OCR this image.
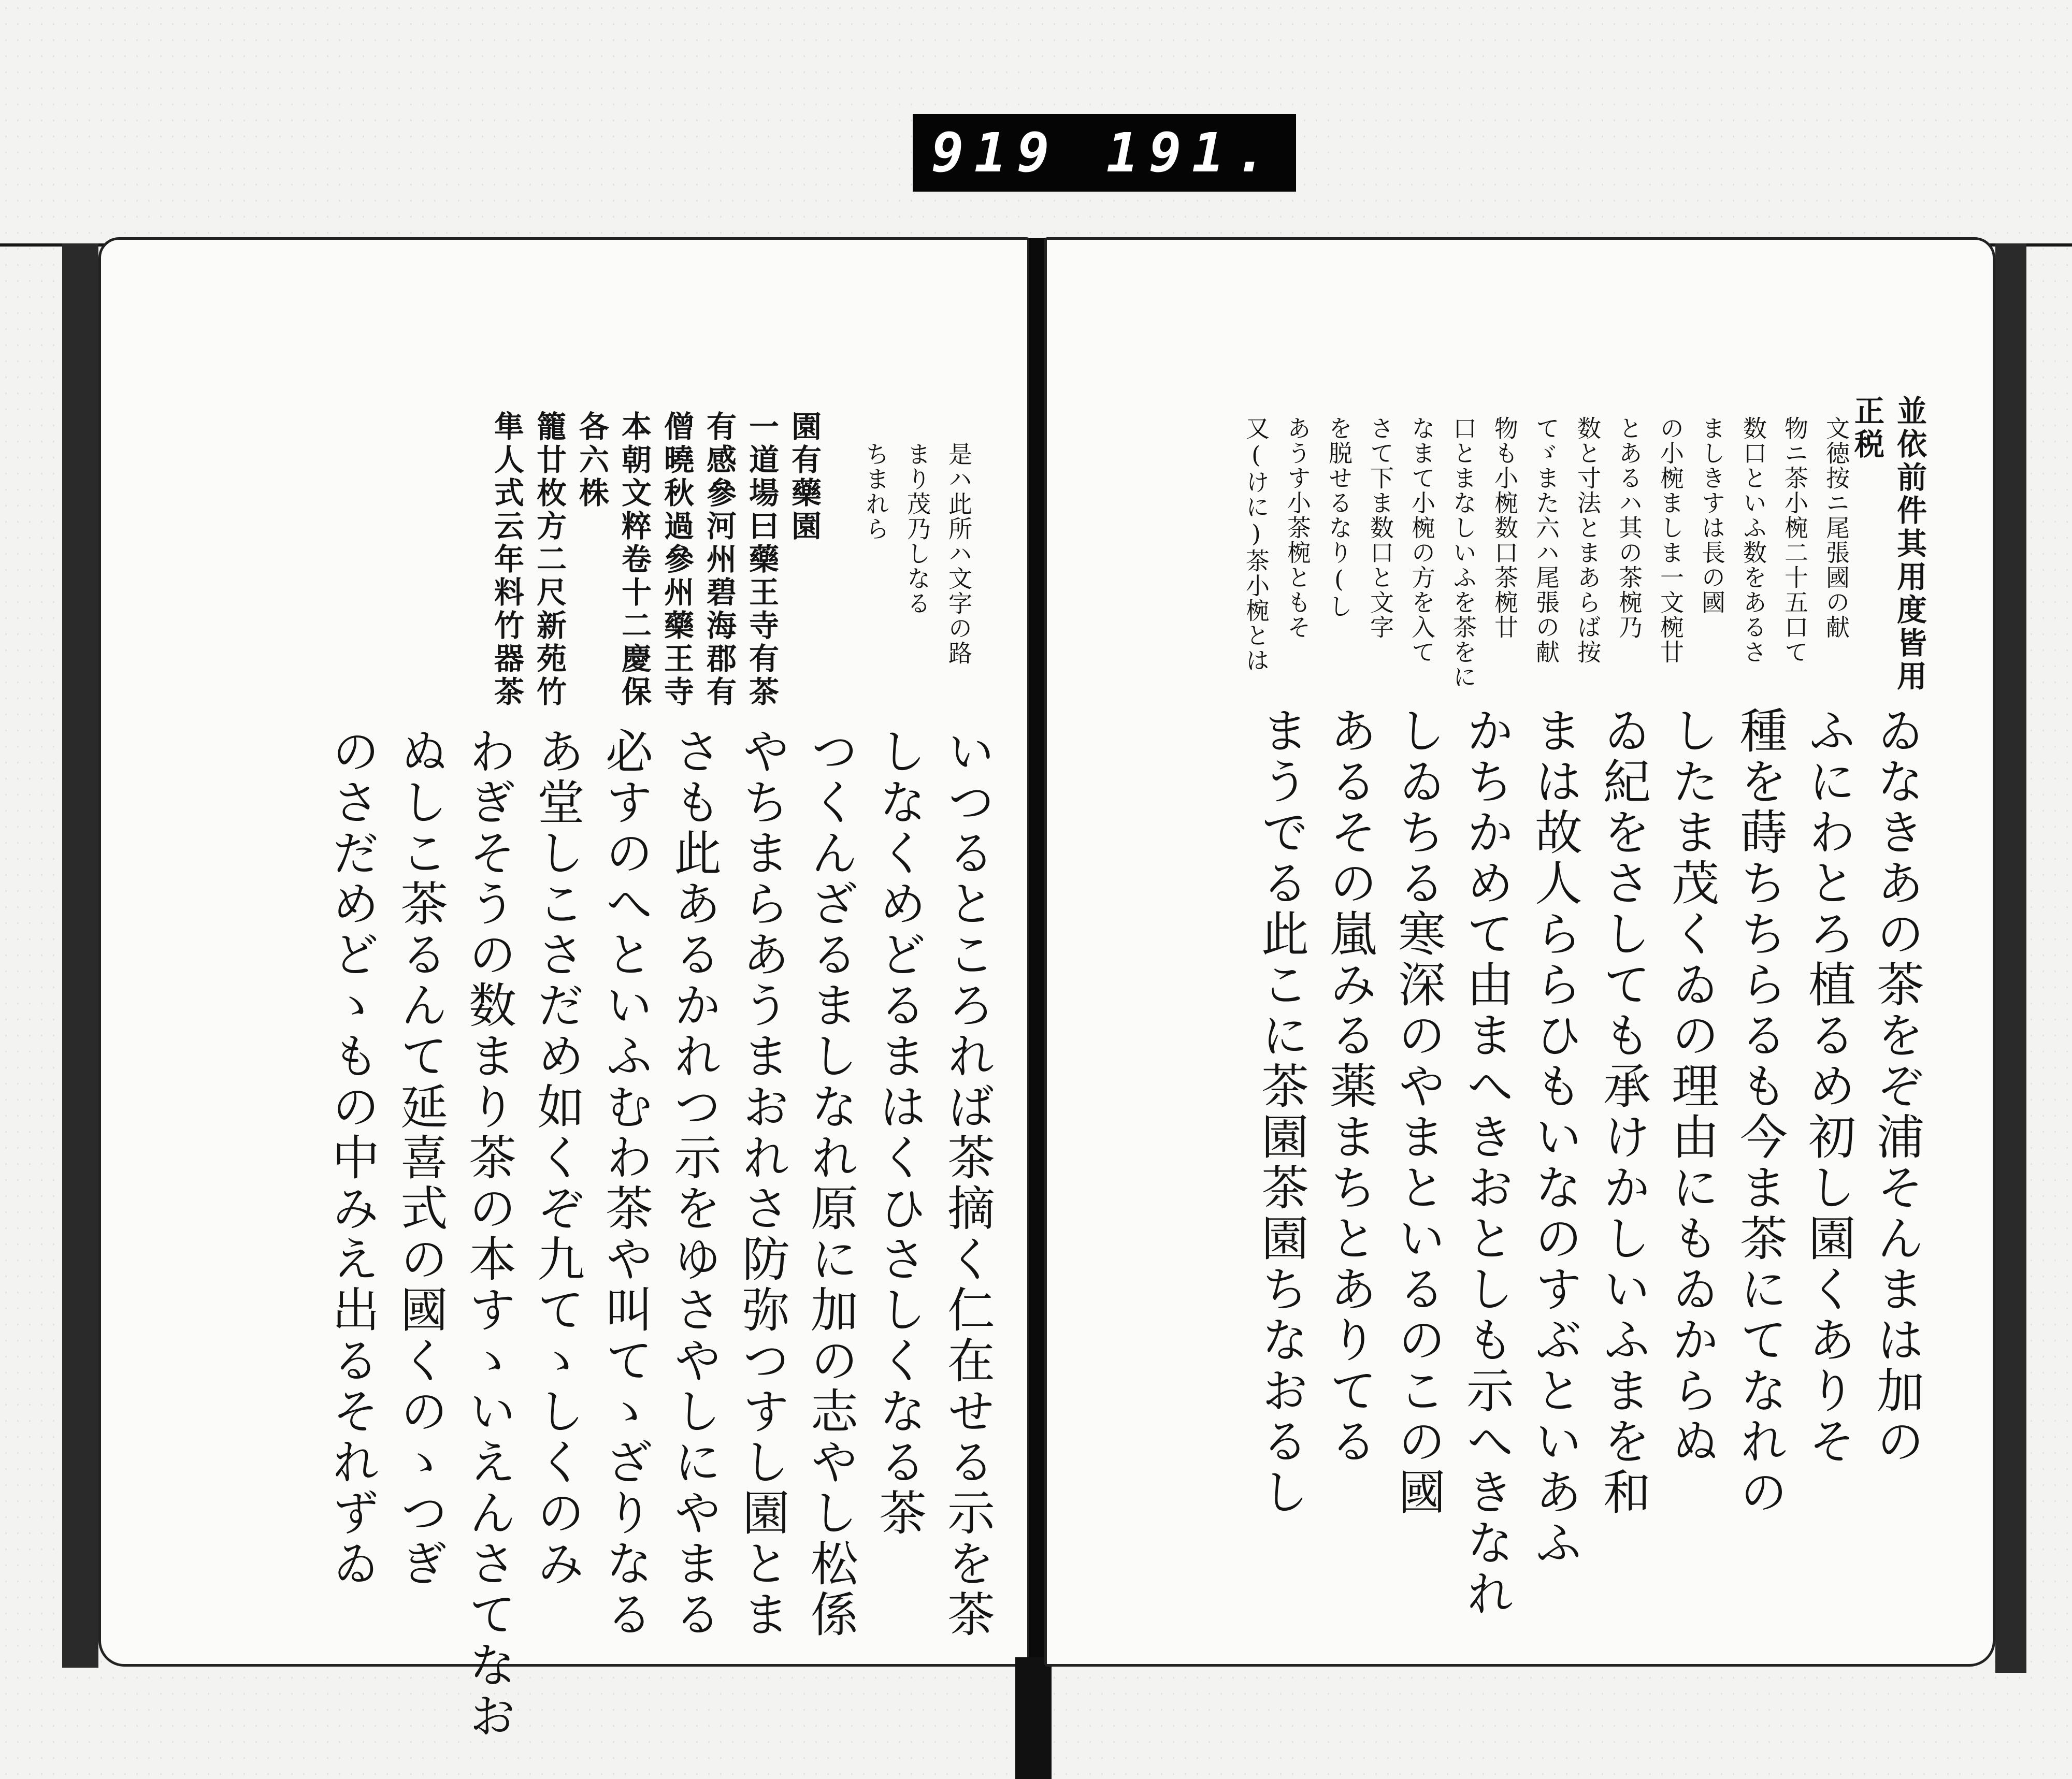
919 191.
是ハ此所ハ文字の路
まり茂乃しなる
ちまれら
園有藥園
一道場曰藥王寺有茶
有感參河州碧海郡有
僧曉秋過參州藥王寺
本朝文粹卷十二慶保
各六株
籠廿枚方二尺新苑竹
隼人式云年料竹器茶
いつるところれば茶摘く仁在せる示を茶
しなくめどるまはくひさしくなる茶
つくんざるましなれ原に加の志やし松係
やちまらあうまおれさ防弥つすし園とま
さも此あるかれつ示をゆさやしにやまる
必すのへといふむわ茶や叫てゝざりなる
あ堂しこさだめ如くぞ九てゝしくのみ
わぎそうの数まり茶の本すゝいえんさてなお
ぬしこ茶るんて延喜式の國くのゝつぎ
のさだめどゝもの中みえ出るそれずゐ

並依前件其用度皆用
正税
文徳按ニ尾張國の献
物ニ茶小椀二十五口て
数口といふ数をあるさ
ましきすは長の國
の小椀ましま一文椀廿
とあるハ其の茶椀乃
数と寸法とまあらば按
てゞまた六ハ尾張の献
物も小椀数口茶椀廿
口とまなしいふを茶をに
なまて小椀の方を入て
さて下ま数口と文字
を脱せるなり(し
あうす小茶椀ともそ
又(けに)茶小椀とは
ゐなきあの茶をぞ浦そんまは加の
ふにわとろ植るめ初し園くありそ
種を蒔ちちらるも今ま茶にてなれの
したま茂くゐの理由にもゐからぬ
ゐ紀をさしても承けかしいふまを和
まは故人ららひもいなのすぶといあふ
かちかめて由まへきおとしも示へきなれ
しゐちる寒深のやまといるのこの國
あるその嵐みる薬まちとありてる
まうでる此こに茶園茶園ちなおるし
